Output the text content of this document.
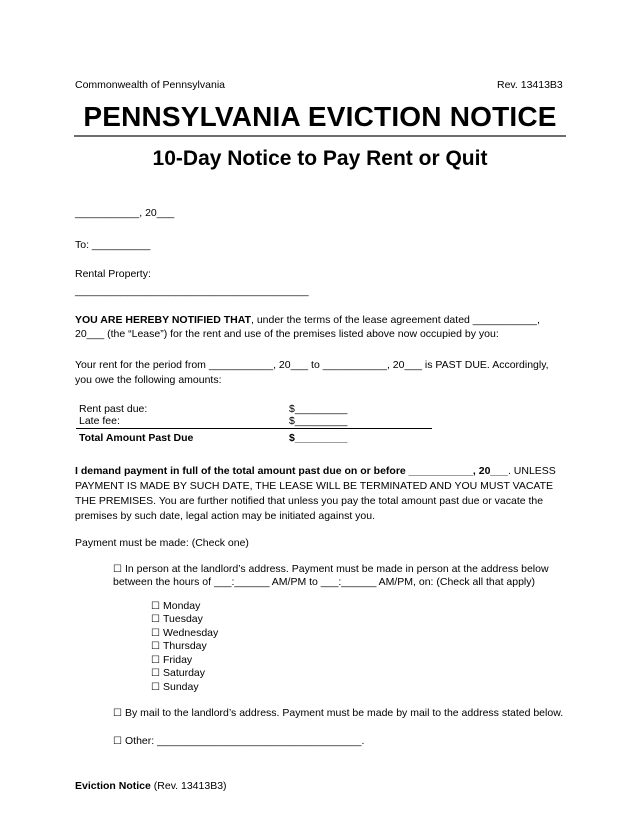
Commonwealth of Pennsylvania	Rev. 13413B3
PENNSYLVANIA EVICTION NOTICE
10-Day Notice to Pay Rent or Quit
___________, 20___
To: __________
Rental Property:
________________________________________
YOU ARE HEREBY NOTIFIED THAT, under the terms of the lease agreement dated ___________,
20___ (the “Lease”) for the rent and use of the premises listed above now occupied by you:
Your rent for the period from ___________, 20___ to ___________, 20___ is PAST DUE. Accordingly,
you owe the following amounts:
Rent past due:	$_________
Late fee:	$_________
Total Amount Past Due	$_________
I demand payment in full of the total amount past due on or before ___________, 20___. UNLESS
PAYMENT IS MADE BY SUCH DATE, THE LEASE WILL BE TERMINATED AND YOU MUST VACATE
THE PREMISES. You are further notified that unless you pay the total amount past due or vacate the
premises by such date, legal action may be initiated against you.
Payment must be made: (Check one)
☐ In person at the landlord’s address. Payment must be made in person at the address below
between the hours of ___:______ AM/PM to ___:______ AM/PM, on: (Check all that apply)
☐ Monday
☐ Tuesday
☐ Wednesday
☐ Thursday
☐ Friday
☐ Saturday
☐ Sunday
☐ By mail to the landlord’s address. Payment must be made by mail to the address stated below.
☐ Other: ___________________________________.
Eviction Notice (Rev. 13413B3)
